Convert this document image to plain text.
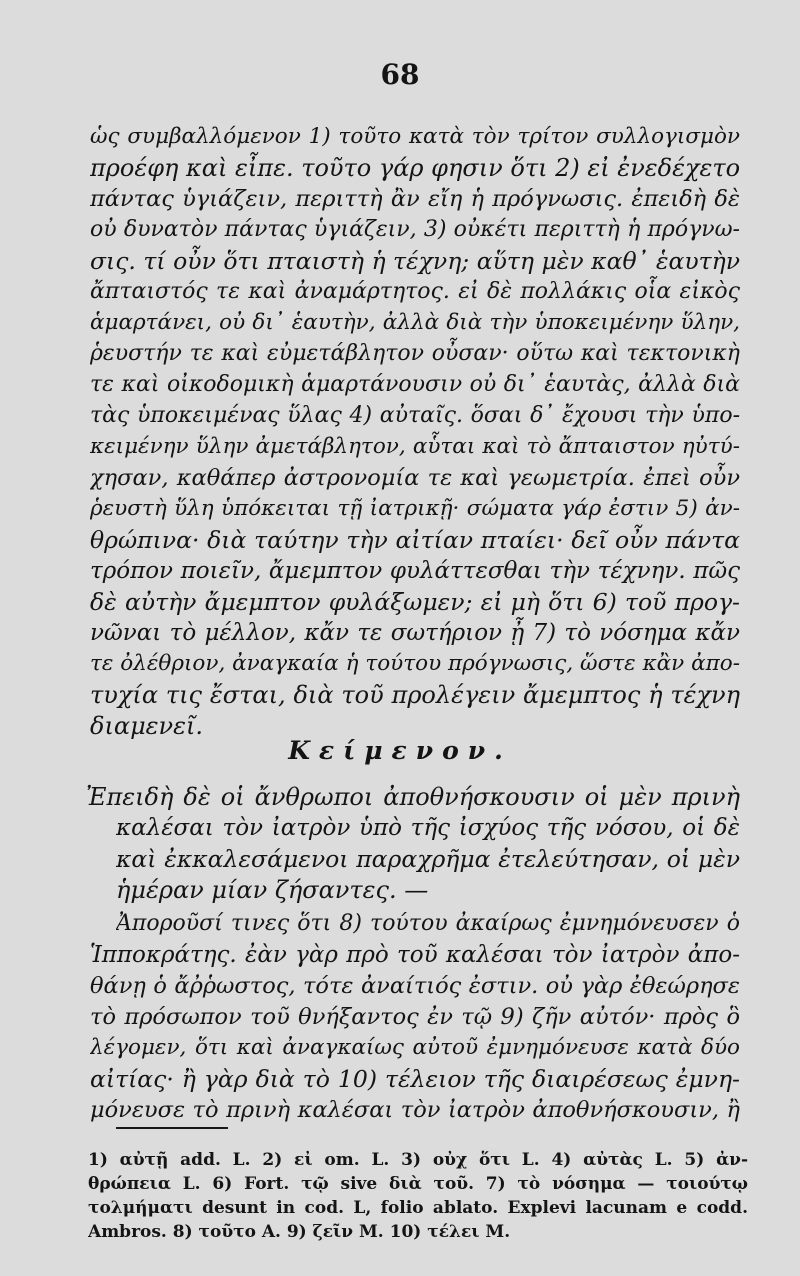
68
ὡς συμβαλλόμενον 1) τοῦτο κατὰ τὸν τρίτον συλλογισμὸν
προέφη καὶ εἶπε. τοῦτο γάρ φησιν ὅτι 2) εἰ ἐνεδέχετο
πάντας ὑγιάζειν, περιττὴ ἂν εἴη ἡ πρόγνωσις. ἐπειδὴ δὲ
οὐ δυνατὸν πάντας ὑγιάζειν, 3) οὐκέτι περιττὴ ἡ πρόγνω-
σις. τί οὖν ὅτι πταιστὴ ἡ τέχνη; αὕτη μὲν καθ᾽ ἑαυτὴν
ἄπταιστός τε καὶ ἀναμάρτητος. εἰ δὲ πολλάκις οἷα εἰκὸς
ἁμαρτάνει, οὐ δι᾽ ἑαυτὴν, ἀλλὰ διὰ τὴν ὑποκειμένην ὕλην,
ῥευστήν τε καὶ εὐμετάβλητον οὖσαν· οὕτω καὶ τεκτονικὴ
τε καὶ οἰκοδομικὴ ἁμαρτάνουσιν οὐ δι᾽ ἑαυτὰς, ἀλλὰ διὰ
τὰς ὑποκειμένας ὕλας 4) αὐταῖς. ὅσαι δ᾽ ἔχουσι τὴν ὑπο-
κειμένην ὕλην ἀμετάβλητον, αὗται καὶ τὸ ἄπταιστον ηὐτύ-
χησαν, καθάπερ ἀστρονομία τε καὶ γεωμετρία. ἐπεὶ οὖν
ῥευστὴ ὕλη ὑπόκειται τῇ ἰατρικῇ· σώματα γάρ ἐστιν 5) ἀν-
θρώπινα· διὰ ταύτην τὴν αἰτίαν πταίει· δεῖ οὖν πάντα
τρόπον ποιεῖν, ἄμεμπτον φυλάττεσθαι τὴν τέχνην. πῶς
δὲ αὐτὴν ἄμεμπτον φυλάξωμεν; εἰ μὴ ὅτι 6) τοῦ προγ-
νῶναι τὸ μέλλον, κἄν τε σωτήριον ᾖ 7) τὸ νόσημα κἄν
τε ὀλέθριον, ἀναγκαία ἡ τούτου πρόγνωσις, ὥστε κἂν ἀπο-
τυχία τις ἔσται, διὰ τοῦ προλέγειν ἄμεμπτος ἡ τέχνη
διαμενεῖ.
Κείμενον.
Ἐπειδὴ δὲ οἱ ἄνθρωποι ἀποθνήσκουσιν οἱ μὲν πρινὴ
καλέσαι τὸν ἰατρὸν ὑπὸ τῆς ἰσχύος τῆς νόσου, οἱ δὲ
καὶ ἐκκαλεσάμενοι παραχρῆμα ἐτελεύτησαν, οἱ μὲν
ἡμέραν μίαν ζήσαντες. —
Ἀποροῦσί τινες ὅτι 8) τούτου ἀκαίρως ἐμνημόνευσεν ὁ
Ἱπποκράτης. ἐὰν γὰρ πρὸ τοῦ καλέσαι τὸν ἰατρὸν ἀπο-
θάνῃ ὁ ἄῤῥωστος, τότε ἀναίτιός ἐστιν. οὐ γὰρ ἐθεώρησε
τὸ πρόσωπον τοῦ θνήξαντος ἐν τῷ 9) ζῆν αὐτόν· πρὸς ὃ
λέγομεν, ὅτι καὶ ἀναγκαίως αὐτοῦ ἐμνημόνευσε κατὰ δύο
αἰτίας· ἢ γὰρ διὰ τὸ 10) τέλειον τῆς διαιρέσεως ἐμνη-
μόνευσε τὸ πρινὴ καλέσαι τὸν ἰατρὸν ἀποθνήσκουσιν, ἢ
1) αὐτῇ add. L. 2) εἰ om. L. 3) οὐχ ὅτι L. 4) αὐτὰς L. 5) ἀν-
θρώπεια L. 6) Fort. τῷ sive διὰ τοῦ. 7) τὸ νόσημα — τοιούτῳ
τολμήματι desunt in cod. L, folio ablato. Explevi lacunam e codd.
Ambros. 8) τοῦτο A. 9) ζεῖν M. 10) τέλει M.
